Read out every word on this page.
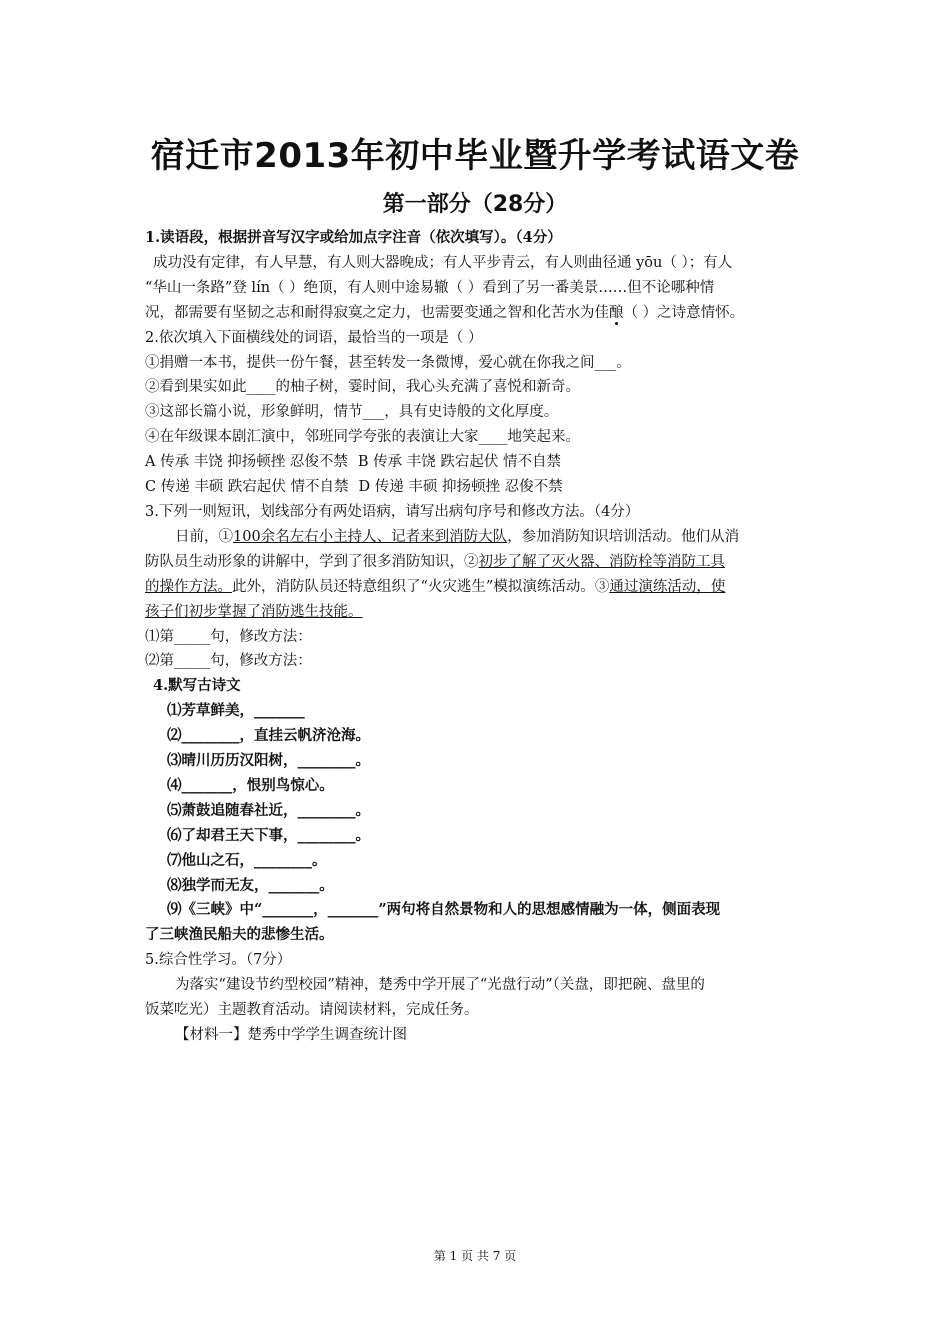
宿迁市2013年初中毕业暨升学考试语文卷
第一部分（28分）

1.读语段，根据拼音写汉字或给加点字注音（依次填写）。（4分）

成功没有定律，有人早慧，有人则大器晚成；有人平步青云，有人则曲径通 yōu（ ）；有人

“华山一条路”登 lín（ ）绝顶，有人则中途易辙（ ）看到了另一番美景……但不论哪种情

况，都需要有坚韧之志和耐得寂寞之定力，也需要变通之智和化苦水为佳酿（ ）之诗意情怀。

2.依次填入下面横线处的词语，最恰当的一项是（ ）

①捐赠一本书，提供一份午餐，甚至转发一条微博，爱心就在你我之间___。

②看到果实如此____的柚子树，霎时间，我心头充满了喜悦和新奇。

③这部长篇小说，形象鲜明，情节___，具有史诗般的文化厚度。

④在年级课本剧汇演中，邻班同学夸张的表演让大家____地笑起来。

A 传承 丰饶 抑扬顿挫 忍俊不禁 B 传承 丰饶 跌宕起伏 情不自禁

C 传递 丰硕 跌宕起伏 情不自禁 D 传递 丰硕 抑扬顿挫 忍俊不禁

3.下列一则短讯，划线部分有两处语病，请写出病句序号和修改方法。（4分）

日前，①100余名左右小主持人、记者来到消防大队，参加消防知识培训活动。他们从消

防队员生动形象的讲解中，学到了很多消防知识，②初步了解了灭火器、消防栓等消防工具

的操作方法。此外，消防队员还特意组织了“火灾逃生”模拟演练活动。③通过演练活动，使

孩子们初步掌握了消防逃生技能。

⑴第_____句，修改方法：

⑵第_____句，修改方法：

4.默写古诗文

⑴芳草鲜美，_______

⑵________，直挂云帆济沧海。

⑶晴川历历汉阳树，________。

⑷_______，恨别鸟惊心。

⑸萧鼓追随春社近，________。

⑹了却君王天下事，________。

⑺他山之石，________。

⑻独学而无友，_______。

⑼《三峡》中“_______，_______”两句将自然景物和人的思想感情融为一体，侧面表现

了三峡渔民船夫的悲惨生活。

5.综合性学习。（7分）

为落实“建设节约型校园”精神，楚秀中学开展了“光盘行动”（关盘，即把碗、盘里的

饭菜吃光）主题教育活动。请阅读材料，完成任务。

【材料一】楚秀中学学生调查统计图

第 1 页 共 7 页
